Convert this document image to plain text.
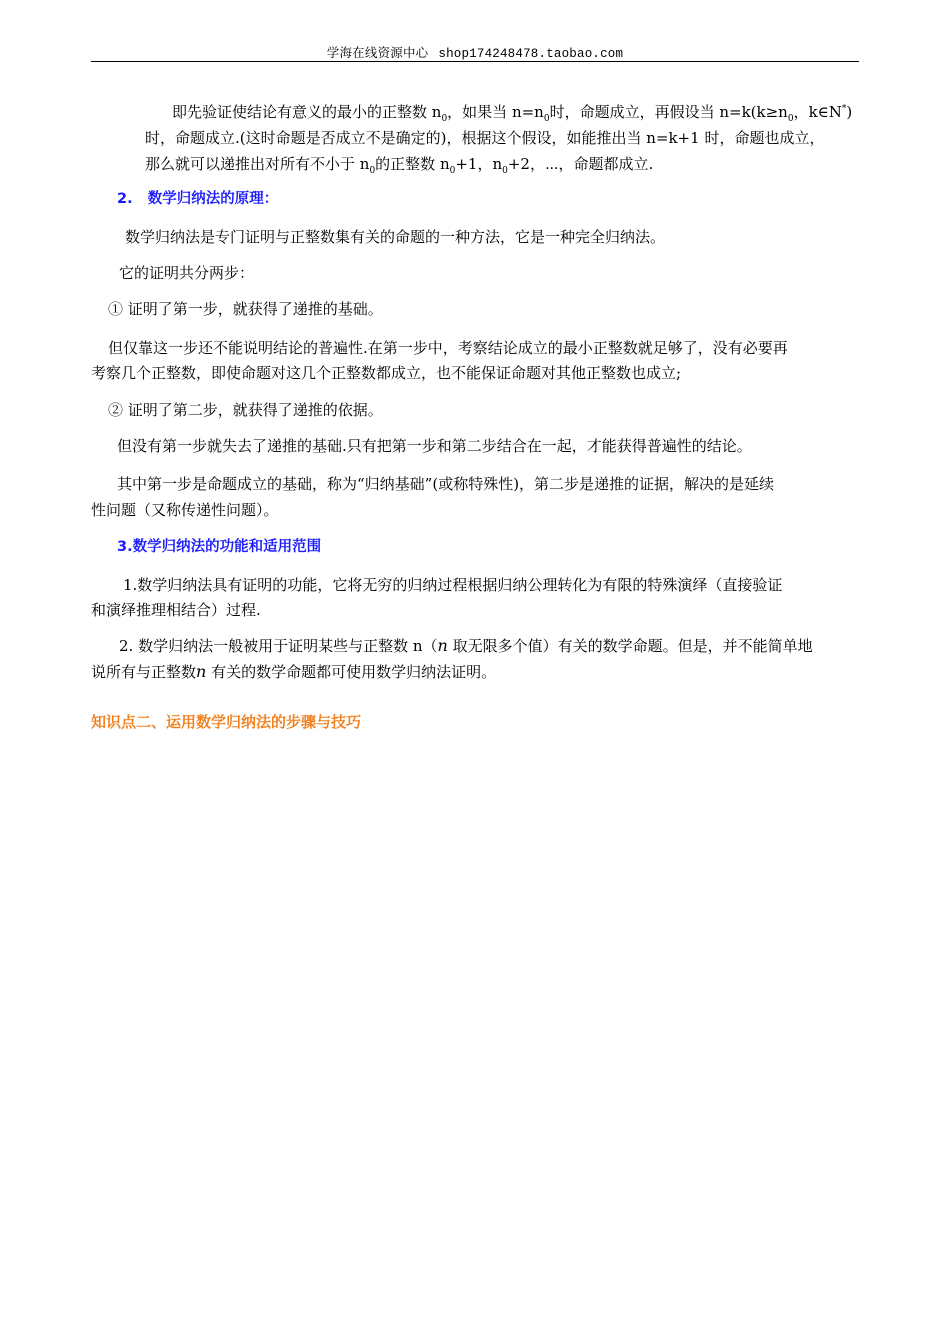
学海在线资源中心 shop174248478.taobao.com
即先验证使结论有意义的最小的正整数 $n_0$，如果当 $n=n_0$时，命题成立，再假设当 $n=k(k\ge n_0$，k∈N*)
时，命题成立.(这时命题是否成立不是确定的)，根据这个假设，如能推出当 n=k+1 时，命题也成立，
那么就可以递推出对所有不小于 $n_0$的正整数 $n_0+1$，$n_0+2$，⋯，命题都成立.
2.   数学归纳法的原理：
数学归纳法是专门证明与正整数集有关的命题的一种方法，它是一种完全归纳法。
它的证明共分两步：
① 证明了第一步，就获得了递推的基础。
但仅靠这一步还不能说明结论的普遍性.在第一步中，考察结论成立的最小正整数就足够了，没有必要再
考察几个正整数，即使命题对这几个正整数都成立，也不能保证命题对其他正整数也成立;
② 证明了第二步，就获得了递推的依据。
但没有第一步就失去了递推的基础.只有把第一步和第二步结合在一起，才能获得普遍性的结论。
其中第一步是命题成立的基础，称为“归纳基础”(或称特殊性)，第二步是递推的证据，解决的是延续
性问题（又称传递性问题）。
3.数学归纳法的功能和适用范围
1.数学归纳法具有证明的功能，它将无穷的归纳过程根据归纳公理转化为有限的特殊演绎（直接验证
和演绎推理相结合）过程.
2. 数学归纳法一般被用于证明某些与正整数 n（n 取无限多个值）有关的数学命题。但是，并不能简单地
说所有与正整数n 有关的数学命题都可使用数学归纳法证明。
知识点二、运用数学归纳法的步骤与技巧
